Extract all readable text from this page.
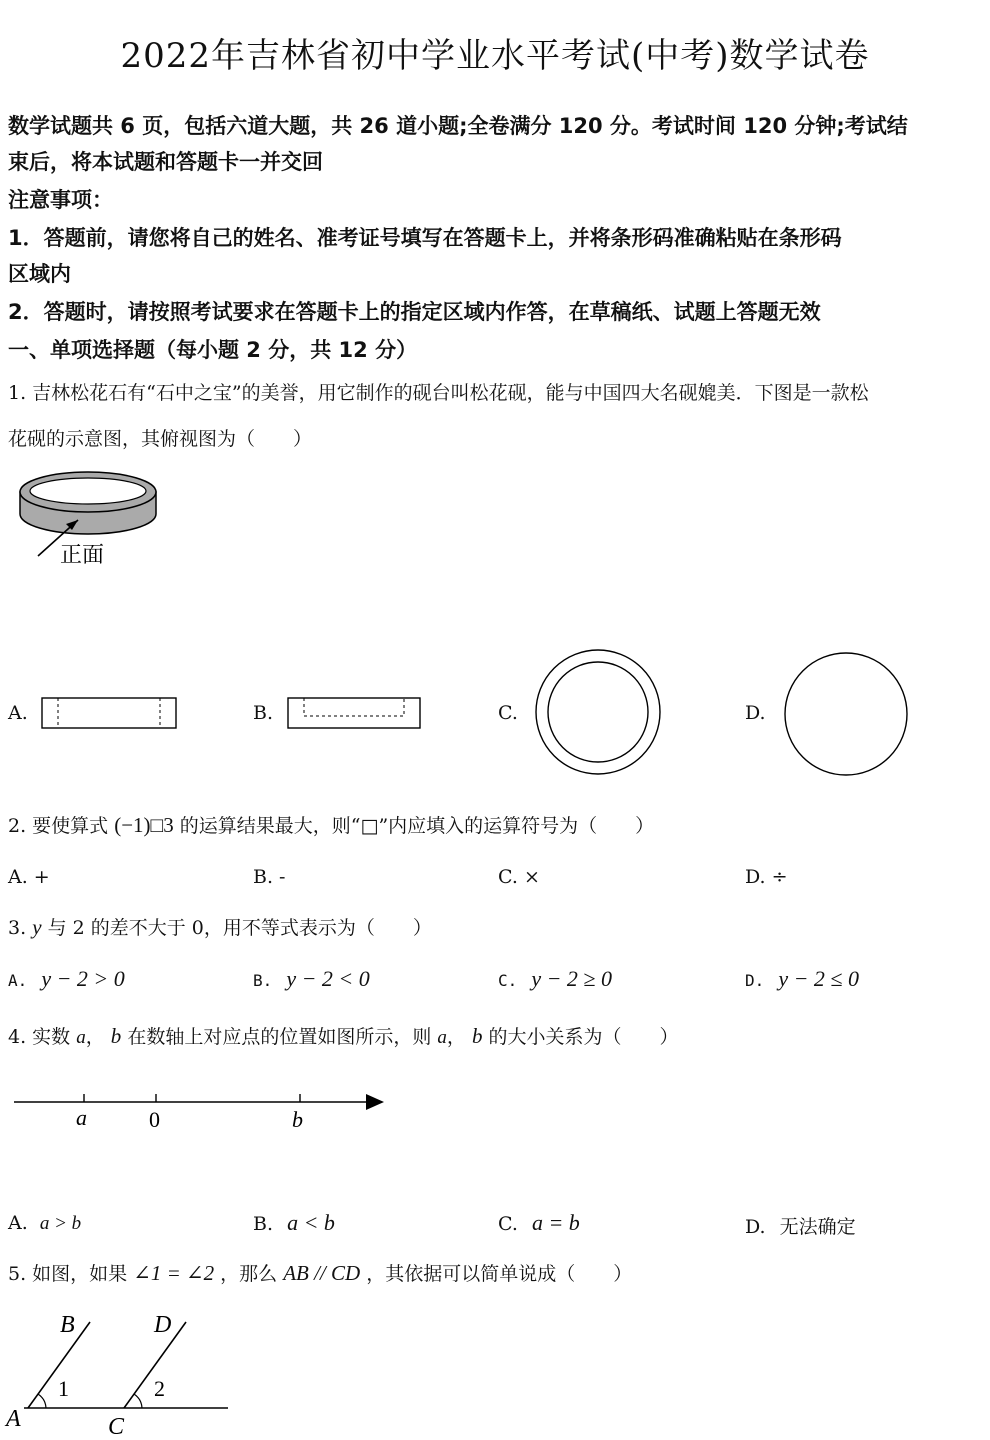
2022年吉林省初中学业水平考试(中考)数学试卷
数学试题共 6 页，包括六道大题，共 26 道小题;全卷满分 120 分。考试时间 120 分钟;考试结
束后，将本试题和答题卡一并交回
注意事项：
1．答题前，请您将自己的姓名、准考证号填写在答题卡上，并将条形码准确粘贴在条形码
区域内
2．答题时，请按照考试要求在答题卡上的指定区域内作答，在草稿纸、试题上答题无效
一、单项选择题（每小题 2 分，共 12 分）
1. 吉林松花石有“石中之宝”的美誉，用它制作的砚台叫松花砚，能与中国四大名砚媲美．下图是一款松
花砚的示意图，其俯视图为（　　）
正面
A.	B.	C.	D.
2. 要使算式 (−1)□3 的运算结果最大，则“□”内应填入的运算符号为（　　）
A. +	B. -	C. ×	D. ÷
3. y 与 2 的差不大于 0，用不等式表示为（　　）
A. y − 2 > 0	B. y − 2 < 0	C. y − 2 ≥ 0	D. y − 2 ≤ 0
4. 实数 a， b 在数轴上对应点的位置如图所示，则 a， b 的大小关系为（　　）
a	0	b
A. a > b	B. a < b	C. a = b	D. 无法确定
5. 如图，如果 ∠1 = ∠2 ，那么 AB // CD ，其依据可以简单说成（　　）
B	D
A	C
1	2
